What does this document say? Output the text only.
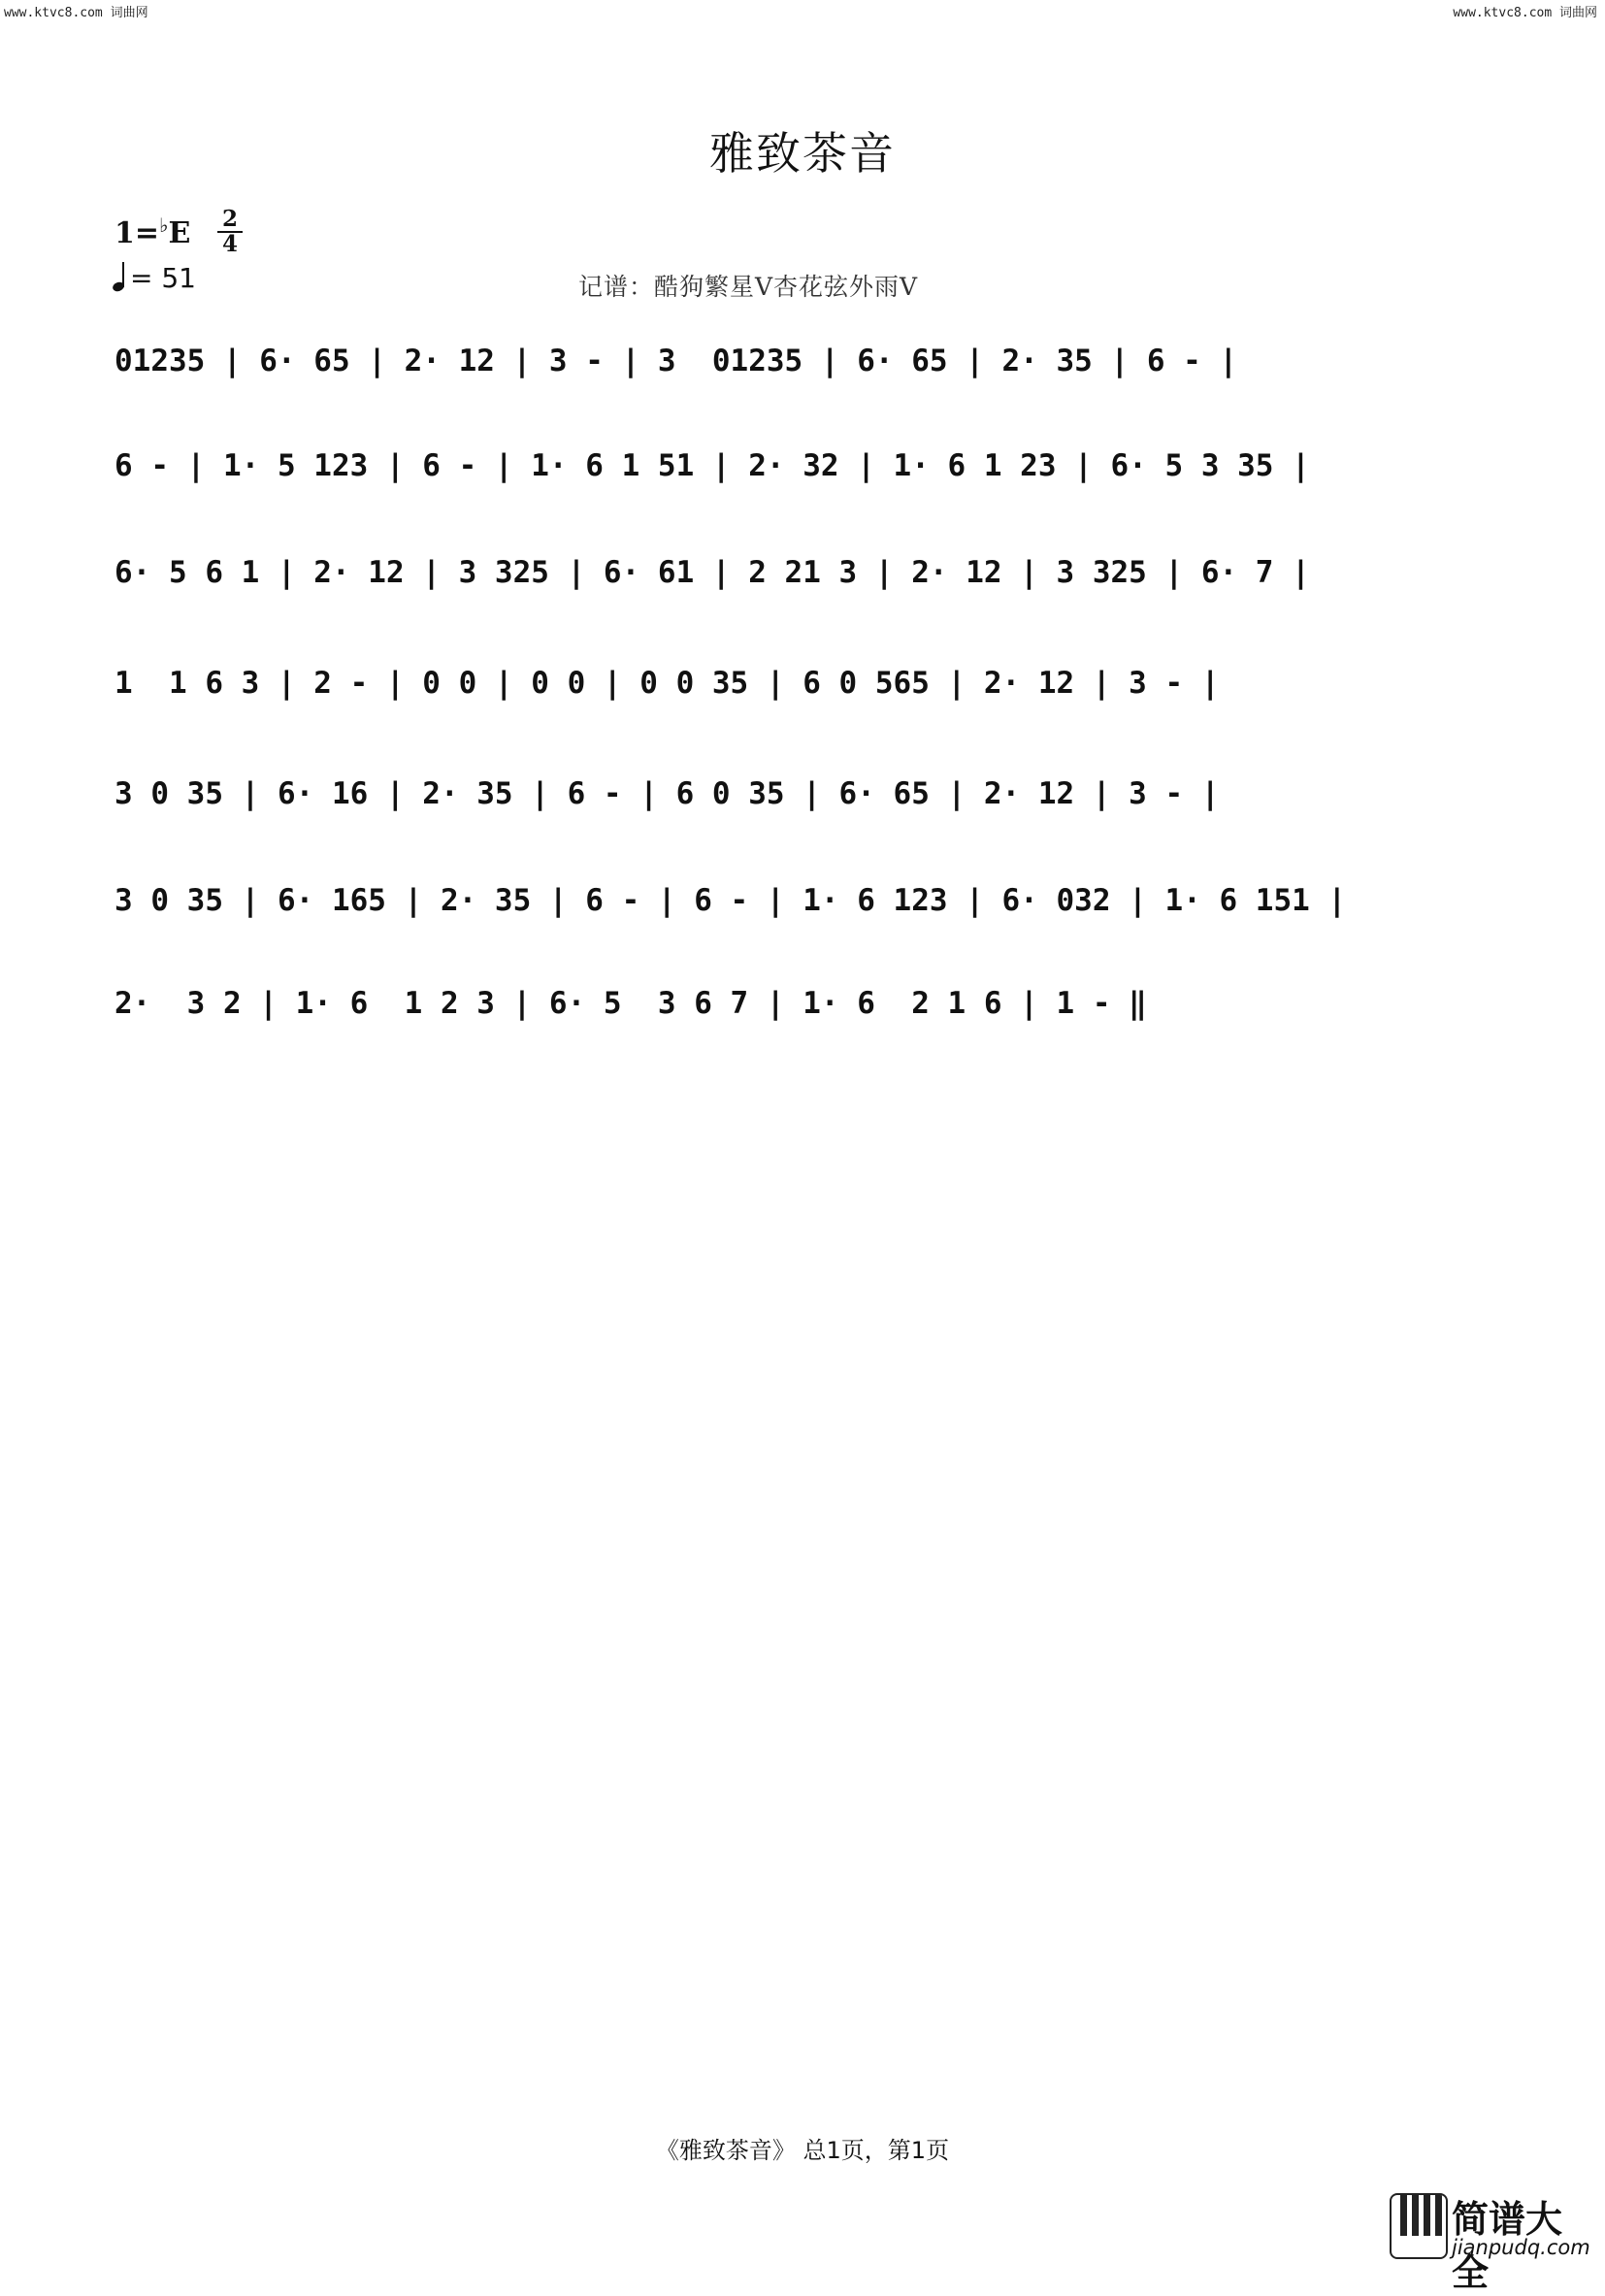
www.ktvc8.com 词曲网	www.ktvc8.com 词曲网
雅致茶音
1=♭E 2
4
= 51	记谱：酷狗繁星V杏花弦外雨V
01235 | 6· 65 | 2· 12 | 3 - | 3  01235 | 6· 65 | 2· 35 | 6 - |
6 - | 1· 5 123 | 6 - | 1· 6 1 51 | 2· 32 | 1· 6 1 23 | 6· 5 3 35 |
6· 5 6 1 | 2· 12 | 3 325 | 6· 61 | 2 21 3 | 2· 12 | 3 325 | 6· 7 |
1  1 6 3 | 2 - | 0 0 | 0 0 | 0 0 35 | 6 0 565 | 2· 12 | 3 - |
3 0 35 | 6· 16 | 2· 35 | 6 - | 6 0 35 | 6· 65 | 2· 12 | 3 - |
3 0 35 | 6· 165 | 2· 35 | 6 - | 6 - | 1· 6 123 | 6· 032 | 1· 6 151 |
2·  3 2 | 1· 6  1 2 3 | 6· 5  3 6 7 | 1· 6  2 1 6 | 1 - ‖
《雅致茶音》 总1页，第1页
简谱大全
jianpudq.com
